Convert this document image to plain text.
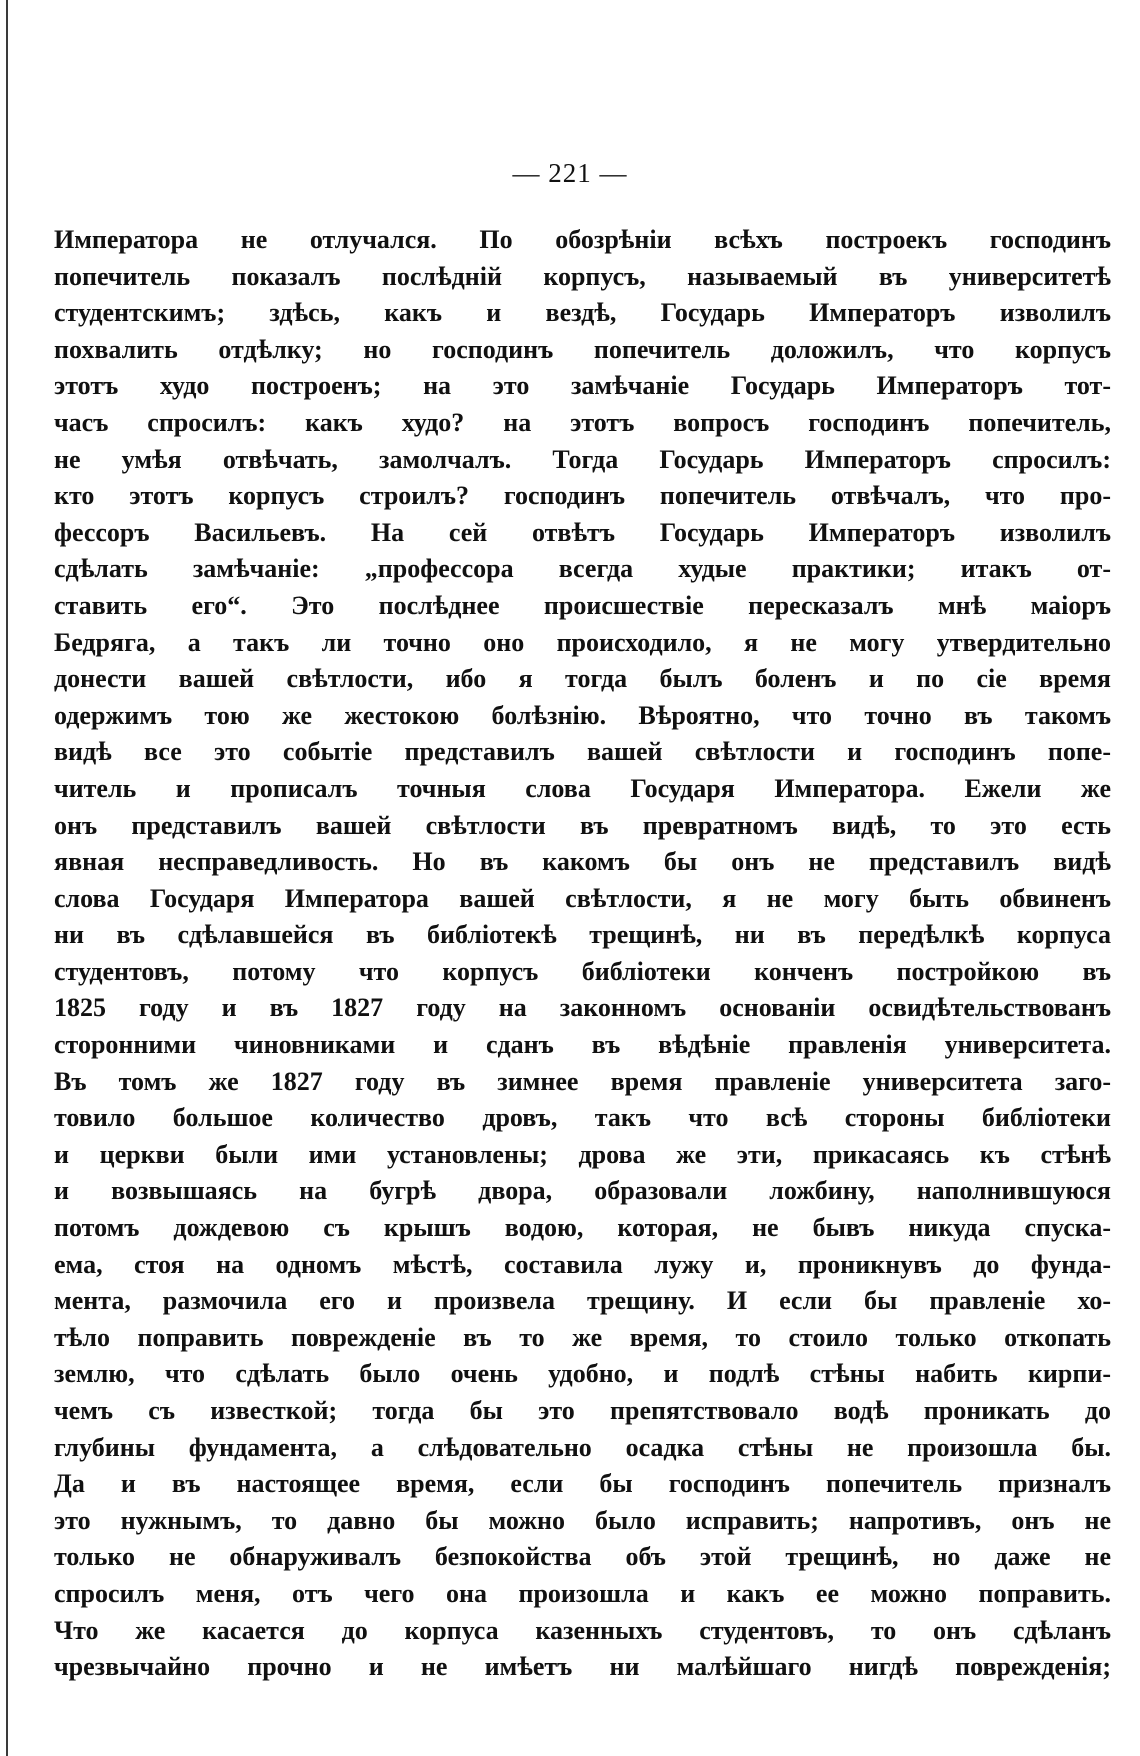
— 221 —
Императора не отлучался. По обозрѣніи всѣхъ построекъ господинъ
попечитель показалъ послѣдній корпусъ, называемый въ университетѣ
студентскимъ; здѣсь, какъ и вездѣ, Государь Императоръ изволилъ
похвалить отдѣлку; но господинъ попечитель доложилъ, что корпусъ
этотъ худо построенъ; на это замѣчаніе Государь Императоръ тот-
часъ спросилъ: какъ худо? на этотъ вопросъ господинъ попечитель,
не умѣя отвѣчать, замолчалъ. Тогда Государь Императоръ спросилъ:
кто этотъ корпусъ строилъ? господинъ попечитель отвѣчалъ, что про-
фессоръ Васильевъ. На сей отвѣтъ Государь Императоръ изволилъ
сдѣлать замѣчаніе: „профессора всегда худые практики; итакъ от-
ставить его“. Это послѣднее происшествіе пересказалъ мнѣ маіоръ
Бедряга, а такъ ли точно оно происходило, я не могу утвердительно
донести вашей свѣтлости, ибо я тогда былъ боленъ и по сіе время
одержимъ тою же жестокою болѣзнію. Вѣроятно, что точно въ такомъ
видѣ все это событіе представилъ вашей свѣтлости и господинъ попе-
читель и прописалъ точныя слова Государя Императора. Ежели же
онъ представилъ вашей свѣтлости въ превратномъ видѣ, то это есть
явная несправедливость. Но въ какомъ бы онъ не представилъ видѣ
слова Государя Императора вашей свѣтлости, я не могу быть обвиненъ
ни въ сдѣлавшейся въ библіотекѣ трещинѣ, ни въ передѣлкѣ корпуса
студентовъ, потому что корпусъ библіотеки конченъ постройкою въ
1825 году и въ 1827 году на законномъ основаніи освидѣтельствованъ
сторонними чиновниками и сданъ въ вѣдѣніе правленія университета.
Въ томъ же 1827 году въ зимнее время правленіе университета заго-
товило большое количество дровъ, такъ что всѣ стороны библіотеки
и церкви были ими установлены; дрова же эти, прикасаясь къ стѣнѣ
и возвышаясь на бугрѣ двора, образовали ложбину, наполнившуюся
потомъ дождевою съ крышъ водою, которая, не бывъ никуда спуска-
ема, стоя на одномъ мѣстѣ, составила лужу и, проникнувъ до фунда-
мента, размочила его и произвела трещину. И если бы правленіе хо-
тѣло поправить поврежденіе въ то же время, то стоило только откопать
землю, что сдѣлать было очень удобно, и подлѣ стѣны набить кирпи-
чемъ съ известкой; тогда бы это препятствовало водѣ проникать до
глубины фундамента, а слѣдовательно осадка стѣны не произошла бы.
Да и въ настоящее время, если бы господинъ попечитель призналъ
это нужнымъ, то давно бы можно было исправить; напротивъ, онъ не
только не обнаруживалъ безпокойства объ этой трещинѣ, но даже не
спросилъ меня, отъ чего она произошла и какъ ее можно поправить.
Что же касается до корпуса казенныхъ студентовъ, то онъ сдѣланъ
чрезвычайно прочно и не имѣетъ ни малѣйшаго нигдѣ поврежденія;
